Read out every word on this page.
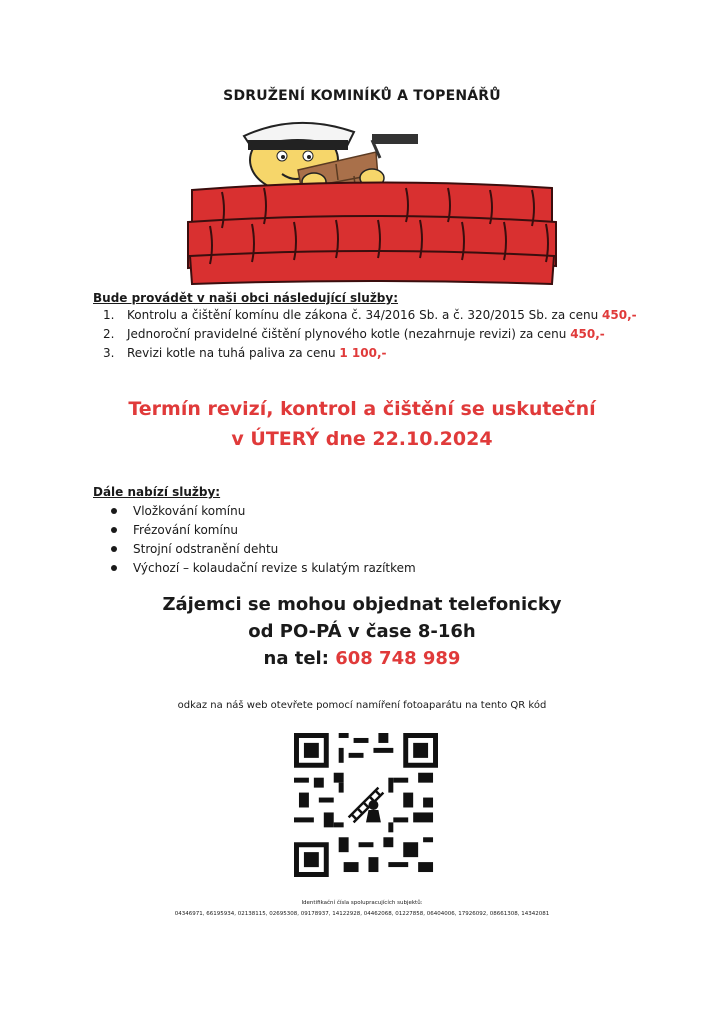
SDRUŽENÍ KOMINÍKŮ A TOPENÁŘŮ
Bude provádět v naši obci následující služby:
Kontrolu a čištění komínu dle zákona č. 34/2016 Sb. a č. 320/2015 Sb. za cenu 450,-
Jednoroční pravidelné čištění plynového kotle (nezahrnuje revizi) za cenu 450,-
Revizi kotle na tuhá paliva za cenu 1 100,-
Termín revizí, kontrol a čištění se uskuteční
v ÚTERÝ dne 22.10.2024
Dále nabízí služby:
Vložkování komínu
Frézování komínu
Strojní odstranění dehtu
Výchozí – kolaudační revize s kulatým razítkem
Zájemci se mohou objednat telefonicky
od PO-PÁ v čase 8-16h
na tel: 608 748 989
odkaz na náš web otevřete pomocí namíření fotoaparátu na tento QR kód
Identifikační čísla spolupracujících subjektů:
04346971, 66195934, 02138115, 02695308, 09178937, 14122928, 04462068, 01227858, 06404006, 17926092, 08661308, 14342081
